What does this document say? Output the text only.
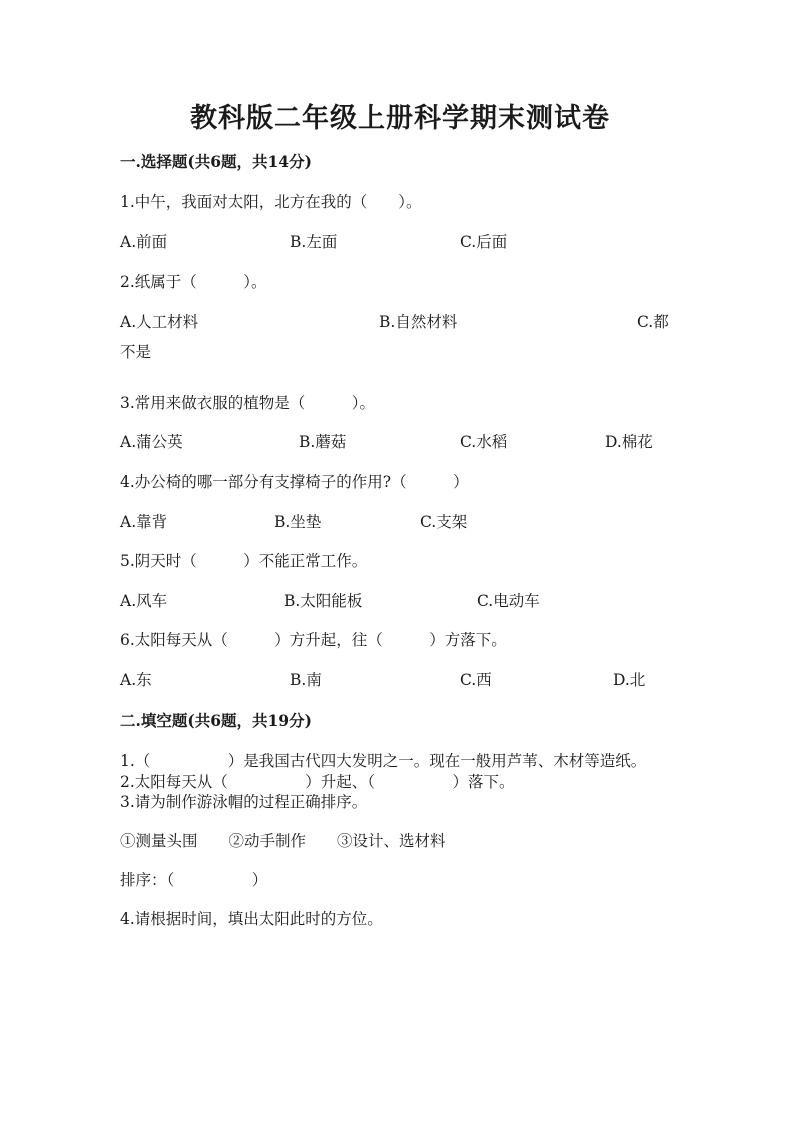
教科版二年级上册科学期末测试卷
一.选择题(共6题，共14分)
1.中午，我面对太阳，北方在我的（　　）。
A.前面	B.左面	C.后面
2.纸属于（　　　）。
A.人工材料	B.自然材料	C.都
不是
3.常用来做衣服的植物是（　　　）。
A.蒲公英	B.蘑菇	C.水稻	D.棉花
4.办公椅的哪一部分有支撑椅子的作用?（　　　）
A.靠背	B.坐垫	C.支架
5.阴天时（　　　）不能正常工作。
A.风车	B.太阳能板	C.电动车
6.太阳每天从（　　　）方升起，往（　　　）方落下。
A.东	B.南	C.西	D.北
二.填空题(共6题，共19分)
1.（　　　　　）是我国古代四大发明之一。现在一般用芦苇、木材等造纸。
2.太阳每天从（　　　　　）升起、（　　　　　）落下。
3.请为制作游泳帽的过程正确排序。
①测量头围　　②动手制作　　③设计、选材料
排序：（　　　　　）
4.请根据时间，填出太阳此时的方位。
